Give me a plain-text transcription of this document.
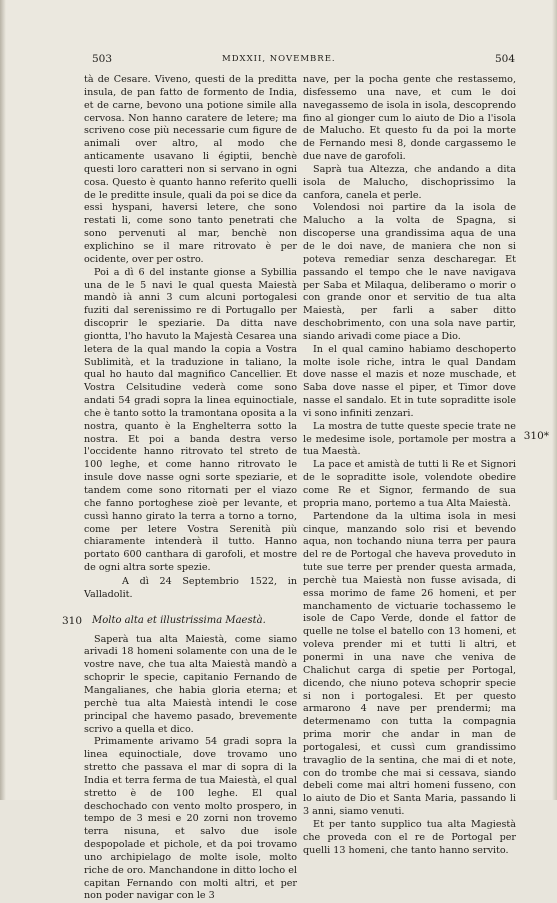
503	MDXXII, NOVEMBRE.	504

tà de Cesare. Viveno, questi de la preditta insula, de pan fatto de formento de India, et de carne, bevono una potione simile alla cervosa. Non hanno caratere de letere; ma scriveno cose più necessarie cum figure de animali over altro, al modo che anticamente usavano li égiptii, benchè questi loro caratteri non si servano in ogni cosa. Questo è quanto hanno referito quelli de le preditte insule, quali da poi se dice da essi hyspani, haversi letere, che sono restati li, come sono tanto penetrati che sono pervenuti al mar, benchè non explichino se il mare ritrovato è per ocidente, over per ostro.

Poi a dì 6 del instante gionse a Sybillia una de le 5 navi le qual questa Maiestà mandò ià anni 3 cum alcuni portogalesi fuziti dal serenissimo re di Portugallo per discoprir le speziarie. Da ditta nave giontta, l'ho havuto la Majestà Cesarea una letera de la qual mando la copia a Vostra Sublimità, et la traduzione in taliano, la qual ho hauto dal magnifico Cancellier. Et Vostra Celsitudine vederà come sono andati 54 gradi sopra la linea equinoctiale, che è tanto sotto la tramontana oposita a la nostra, quanto è la Enghelterra sotto la nostra. Et poi a banda destra verso l'occidente hanno ritrovato tel streto de 100 leghe, et come hanno ritrovato le insule dove nasse ogni sorte speziarie, et tandem come sono ritornati per el viazo che fanno portoghese zioè per levante, et cussì hanno girato la terra a torno a torno, come per letere Vostra Serenità più chiaramente intenderà il tutto. Hanno portato 600 canthara di garofoli, et mostre de ogni altra sorte spezie.

A dì 24 Septembrio 1522, in Valladolit.

310 Molto alta et illustrissima Maestà.

Saperà tua alta Maiestà, come siamo arivadi 18 homeni solamente con una de le vostre nave, che tua alta Maiestà mandò a schoprir le specie, capitanio Fernando de Mangalianes, che habia gloria eterna; et perchè tua alta Maiestà intendi le cose principal che havemo pasado, brevemente scrivo a quella et dico.

Primamente arivamo 54 gradi sopra la linea equinoctiale, dove trovamo uno stretto che passava el mar di sopra di la India et terra ferma de tua Maiestà, el qual stretto è de 100 leghe. El qual deschochado con vento molto prospero, in tempo de 3 mesi e 20 zorni non trovemo terra nisuna, et salvo due isole despopolade et pichole, et da poi trovamo uno archipielago de molte isole, molto riche de oro. Manchandone in ditto locho el capitan Fernando con molti altri, et per non poder navigar con le 3

nave, per la pocha gente che restassemo, disfessemo una nave, et cum le doi navegassemo de isola in isola, descoprendo fino al gionger cum lo aiuto de Dio a l'isola de Malucho. Et questo fu da poi la morte de Fernando mesi 8, donde cargassemo le due nave de garofoli.

Saprà tua Altezza, che andando a dita isola de Malucho, dischoprissimo la canfora, canela et perle.

Volendosi noi partire da la isola de Malucho a la volta de Spagna, si discoperse una grandissima aqua de una de le doi nave, de maniera che non si poteva remediar senza descharegar. Et passando el tempo che le nave navigava per Saba et Milaqua, deliberamo o morir o con grande onor et servitio de tua alta Maiestà, per farli a saber ditto deschobrimento, con una sola nave partir, siando arivadi come piace a Dio.

In el qual camino habiamo deschoperto molte isole riche, intra le qual Dandam dove nasse el mazis et noze muschade, et Saba dove nasse el piper, et Timor dove nasse el sandalo. Et in tute sopraditte isole vi sono infiniti zenzari.

La mostra de tutte queste specie trate ne le medesime isole, portamole per mostra a tua Maestà.

La pace et amistà de tutti li Re et Signori de le sopraditte isole, volendote obedire come Re et Signor, fermando de sua propria mano, portemo a tua Alta Maiestà.

Partendone da la ultima isola in mesi cinque, manzando solo risi et bevendo aqua, non tochando niuna terra per paura del re de Portogal che haveva proveduto in tute sue terre per prender questa armada, perchè tua Maiestà non fusse avisada, di essa morimo de fame 26 homeni, et per manchamento de victuarie tochassemo le isole de Capo Verde, donde el fattor de quelle ne tolse el batello con 13 homeni, et voleva prender mi et tutti li altri, et ponermi in una nave che veniva de Chalichut carga di spetie per Portogal, dicendo, che niuno poteva schoprir specie si non i portogalesi. Et per questo armarono 4 nave per prendermi; ma determenamo con tutta la compagnia prima morir che andar in man de portogalesi, et cussì cum grandissimo travaglio de la sentina, che mai di et note, con do trombe che mai si cessava, siando debeli come mai altri homeni fusseno, con lo aiuto de Dio et Santa Maria, passando li 3 anni, siamo venuti.

Et per tanto supplico tua alta Magiestà che proveda con el re de Portogal per quelli 13 homeni, che tanto hanno servito.

310*
